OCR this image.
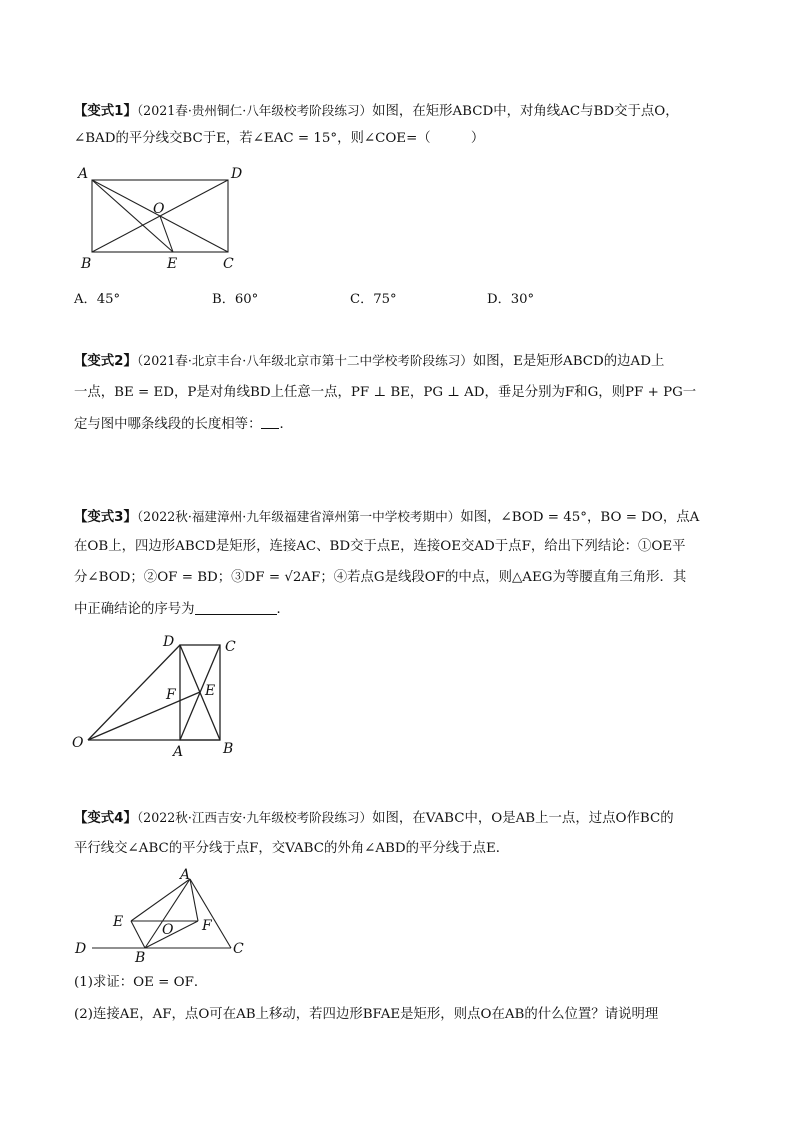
【变式1】（2021春·贵州铜仁·八年级校考阶段练习）如图，在矩形ABCD中，对角线AC与BD交于点O，
∠BAD的平分线交BC于E，若∠EAC = 15°，则∠COE=（　　　）
A	D
O
B	E	C
A．45°	B．60°	C．75°	D．30°
【变式2】（2021春·北京丰台·八年级北京市第十二中学校考阶段练习）如图，E是矩形ABCD的边AD上
一点，BE = ED，P是对角线BD上任意一点，PF ⊥ BE，PG ⊥ AD，垂足分别为F和G，则PF + PG一
定与图中哪条线段的长度相等： ．
【变式3】（2022秋·福建漳州·九年级福建省漳州第一中学校考期中）如图，∠BOD = 45°，BO = DO，点A
在OB上，四边形ABCD是矩形，连接AC、BD交于点E，连接OE交AD于点F，给出下列结论：①OE平
分∠BOD；②OF = BD；③DF = √2AF；④若点G是线段OF的中点，则△AEG为等腰直角三角形．其
中正确结论的序号为	．
D	C
F E
O
A	B
【变式4】（2022秋·江西吉安·九年级校考阶段练习）如图，在VABC中，O是AB上一点，过点O作BC的
平行线交∠ABC的平分线于点F，交VABC的外角∠ABD的平分线于点E．
A
E	O F
D
B
C
(1)求证：OE = OF．
(2)连接AE，AF，点O可在AB上移动，若四边形BFAE是矩形，则点O在AB的什么位置？请说明理
